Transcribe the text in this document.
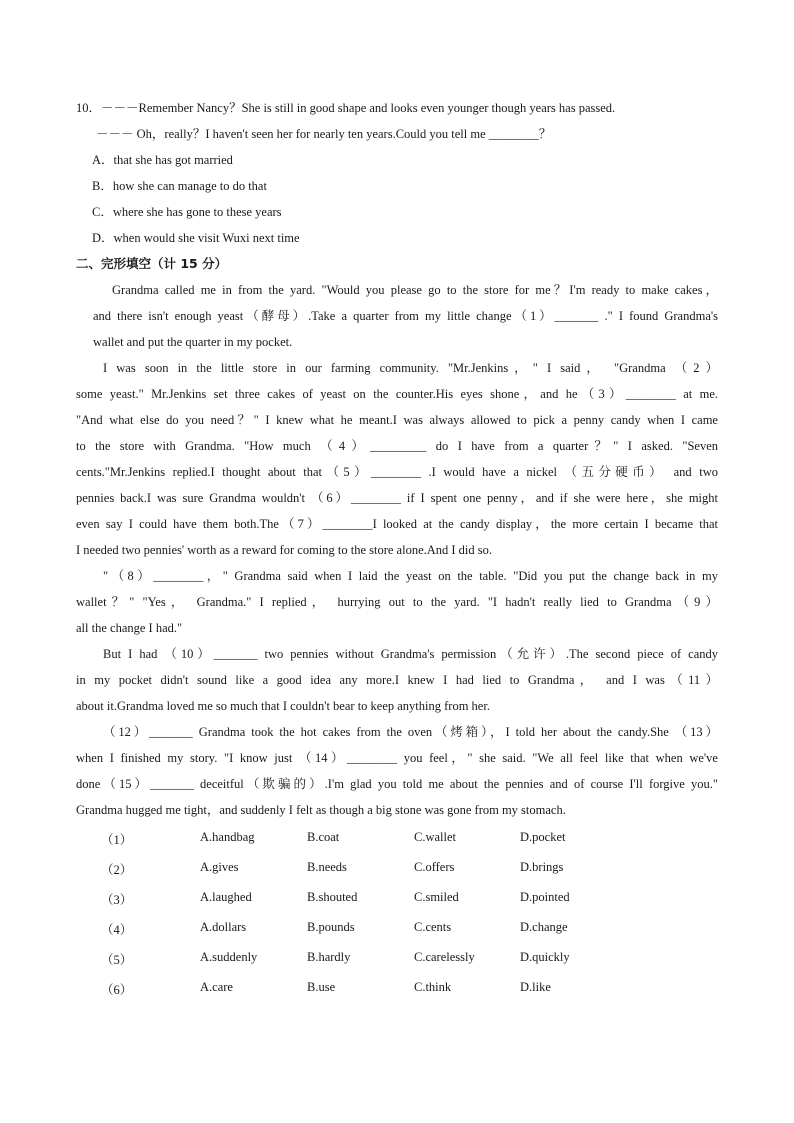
10．－－－Remember Nancy？She is still in good shape and looks even younger though years has passed.
－－－ Oh，really？I haven't seen her for nearly ten years.Could you tell me ________？
A．that she has got married
B．how she can manage to do that
C．where she has gone to these years
D．when would she visit Wuxi next time
二、完形填空（计 15 分）
Grandma called me in from the yard. "Would you please go to the store for me？I'm ready to make cakes，
and there isn't enough yeast（酵母）.Take a quarter from my little change（1）_______ ." I found Grandma's
wallet and put the quarter in my pocket.
I was soon in the little store in our farming community. "Mr.Jenkins，" I said， "Grandma （2）
some yeast." Mr.Jenkins set three cakes of yeast on the counter.His eyes shone，and he（3）________ at me.
"And what else do you need？" I knew what he meant.I was always allowed to pick a penny candy when I came
to the store with Grandma. "How much （4）_________ do I have from a quarter？" I asked. "Seven
cents."Mr.Jenkins replied.I thought about that（5）________ .I would have a nickel （五分硬币） and two
pennies back.I was sure Grandma wouldn't （6）________ if I spent one penny，and if she were here，she might
even say I could have them both.The（7）________I looked at the candy display，the more certain I became that
I needed two pennies' worth as a reward for coming to the store alone.And I did so.
"（8）________，" Grandma said when I laid the yeast on the table. "Did you put the change back in my
wallet？" "Yes， Grandma." I replied， hurrying out to the yard. "I hadn't really lied to Grandma（9）
all the change I had."
But I had （10）_______ two pennies without Grandma's permission（允许）.The second piece of candy
in my pocket didn't sound like a good idea any more.I knew I had lied to Grandma， and I was（11）
about it.Grandma loved me so much that I couldn't bear to keep anything from her.
（12）_______ Grandma took the hot cakes from the oven（烤箱），I told her about the candy.She （13）
when I finished my story. "I know just （14）________ you feel，" she said. "We all feel like that when we've
done（15）_______ deceitful（欺骗的）.I'm glad you told me about the pennies and of course I'll forgive you."
Grandma hugged me tight，and suddenly I felt as though a big stone was gone from my stomach.
（1）	A.handbag	B.coat	C.wallet	D.pocket
（2）	A.gives	B.needs	C.offers	D.brings
（3）	A.laughed	B.shouted	C.smiled	D.pointed
（4）	A.dollars	B.pounds	C.cents	D.change
（5）	A.suddenly	B.hardly	C.carelessly	D.quickly
（6）	A.care	B.use	C.think	D.like
